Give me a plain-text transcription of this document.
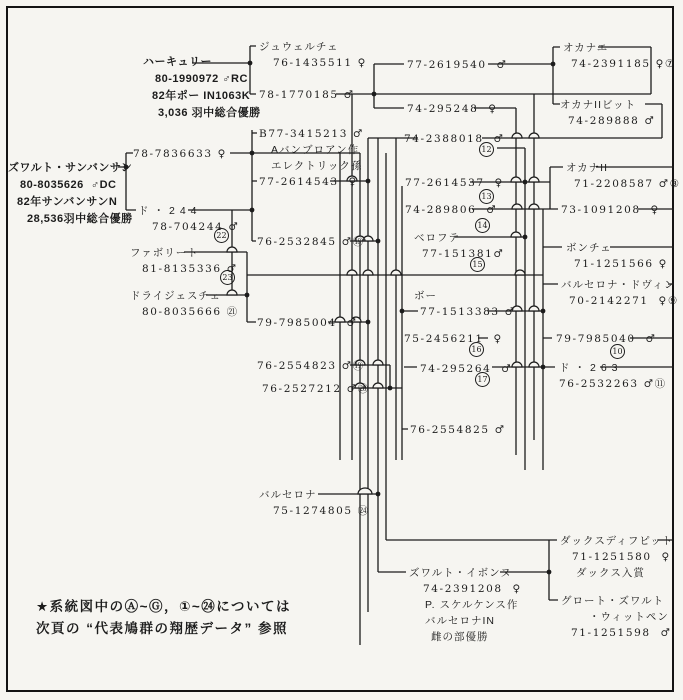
ハーキュリー
80-1990972 ♂RC
82年ポー IN1063K
3,036 羽中総合優勝
ジュウェルチェ
76-1435511 ♀
78-1770185 ♂
77-2619540  ♂
オカナエ
74-2391185 ♀⑦
オカナIIビット
74-289888 ♂
74-295248  ♀
B77-3415213 ♂
Aバンブロアン作
エレクトリック孫
77-2614543  ♀
78-7836633 ♀
ズワルト・サンバンサン
80-8035626  ♂DC
82年サンバンサンN
28,536羽中総合優勝
ド・244
78-704244 ♂
74-2388018  ♂
77-2614537  ♀
オカナII
71-2208587 ♂⑧
73-1091208  ♀
74-289806  ♂
ベロフテ
77-151381♂
76-2532845 ♂⑱
ファボリート
81-8135336 ♂
ボンチェ
71-1251566 ♀
バルセロナ・ドヴィン
70-2142271  ♀⑨
ドライジェスチェ
80-8035666 ㉑
ボー
77-1513383 ♂
79-7985004  ♂
75-2456211  ♀	79-7985040  ♂
74-295264  ♂	ド・263
76-2532263 ♂⑪
76-2554823 ♂⑲
76-2527212 ♂⑳
76-2554825 ♂
バルセロナ
75-1274805 ㉔
ダックスディフピット
71-1251580  ♀
ダックス入賞
ズワルト・イボンヌ
74-2391208  ♀
P. スケルケンス作
バルセロナIN
雌の部優勝
グロート・ズワルト
・ウィットペン
71-1251598  ♂
22
23
12
13
14
15
16
17
10
★系統図中のⒶ~Ⓖ，①~㉔については
次頁の “代表鳩群の翔歴データ” 参照
